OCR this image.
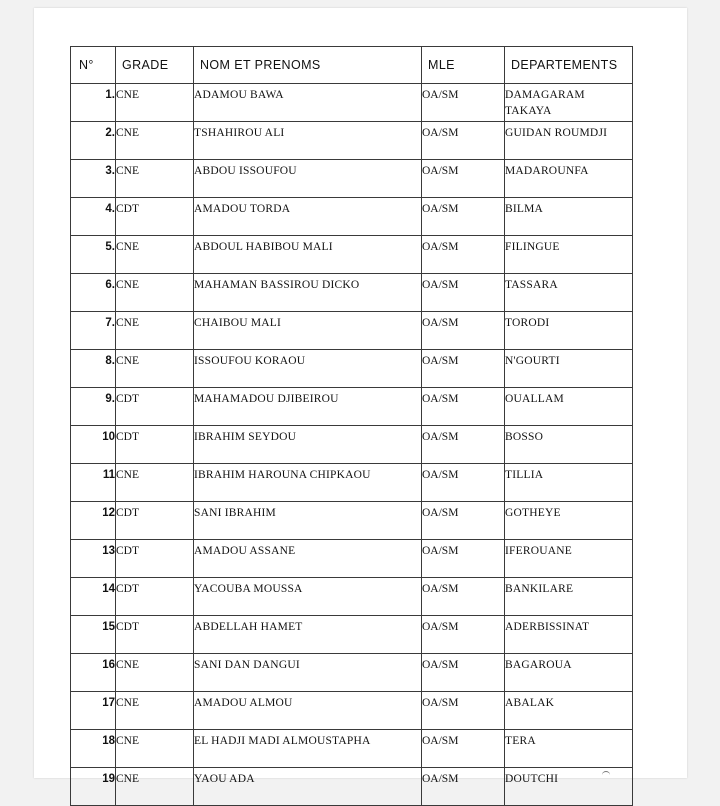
N°	GRADE	NOM ET PRENOMS	MLE	DEPARTEMENTS
1.	CNE	ADAMOU BAWA	OA/SM	DAMAGARAM TAKAYA
2.	CNE	TSHAHIROU ALI	OA/SM	GUIDAN ROUMDJI
3.	CNE	ABDOU ISSOUFOU	OA/SM	MADAROUNFA
4.	CDT	AMADOU TORDA	OA/SM	BILMA
5.	CNE	ABDOUL HABIBOU MALI	OA/SM	FILINGUE
6.	CNE	MAHAMAN BASSIROU DICKO	OA/SM	TASSARA
7.	CNE	CHAIBOU MALI	OA/SM	TORODI
8.	CNE	ISSOUFOU KORAOU	OA/SM	N'GOURTI
9.	CDT	MAHAMADOU DJIBEIROU	OA/SM	OUALLAM
10	CDT	IBRAHIM SEYDOU	OA/SM	BOSSO
11	CNE	IBRAHIM HAROUNA CHIPKAOU	OA/SM	TILLIA
12	CDT	SANI IBRAHIM	OA/SM	GOTHEYE
13	CDT	AMADOU ASSANE	OA/SM	IFEROUANE
14	CDT	YACOUBA MOUSSA	OA/SM	BANKILARE
15	CDT	ABDELLAH HAMET	OA/SM	ADERBISSINAT
16	CNE	SANI DAN DANGUI	OA/SM	BAGAROUA
17	CNE	AMADOU ALMOU	OA/SM	ABALAK
18	CNE	EL HADJI MADI ALMOUSTAPHA	OA/SM	TERA
19	CNE	YAOU ADA	OA/SM	DOUTCHI
